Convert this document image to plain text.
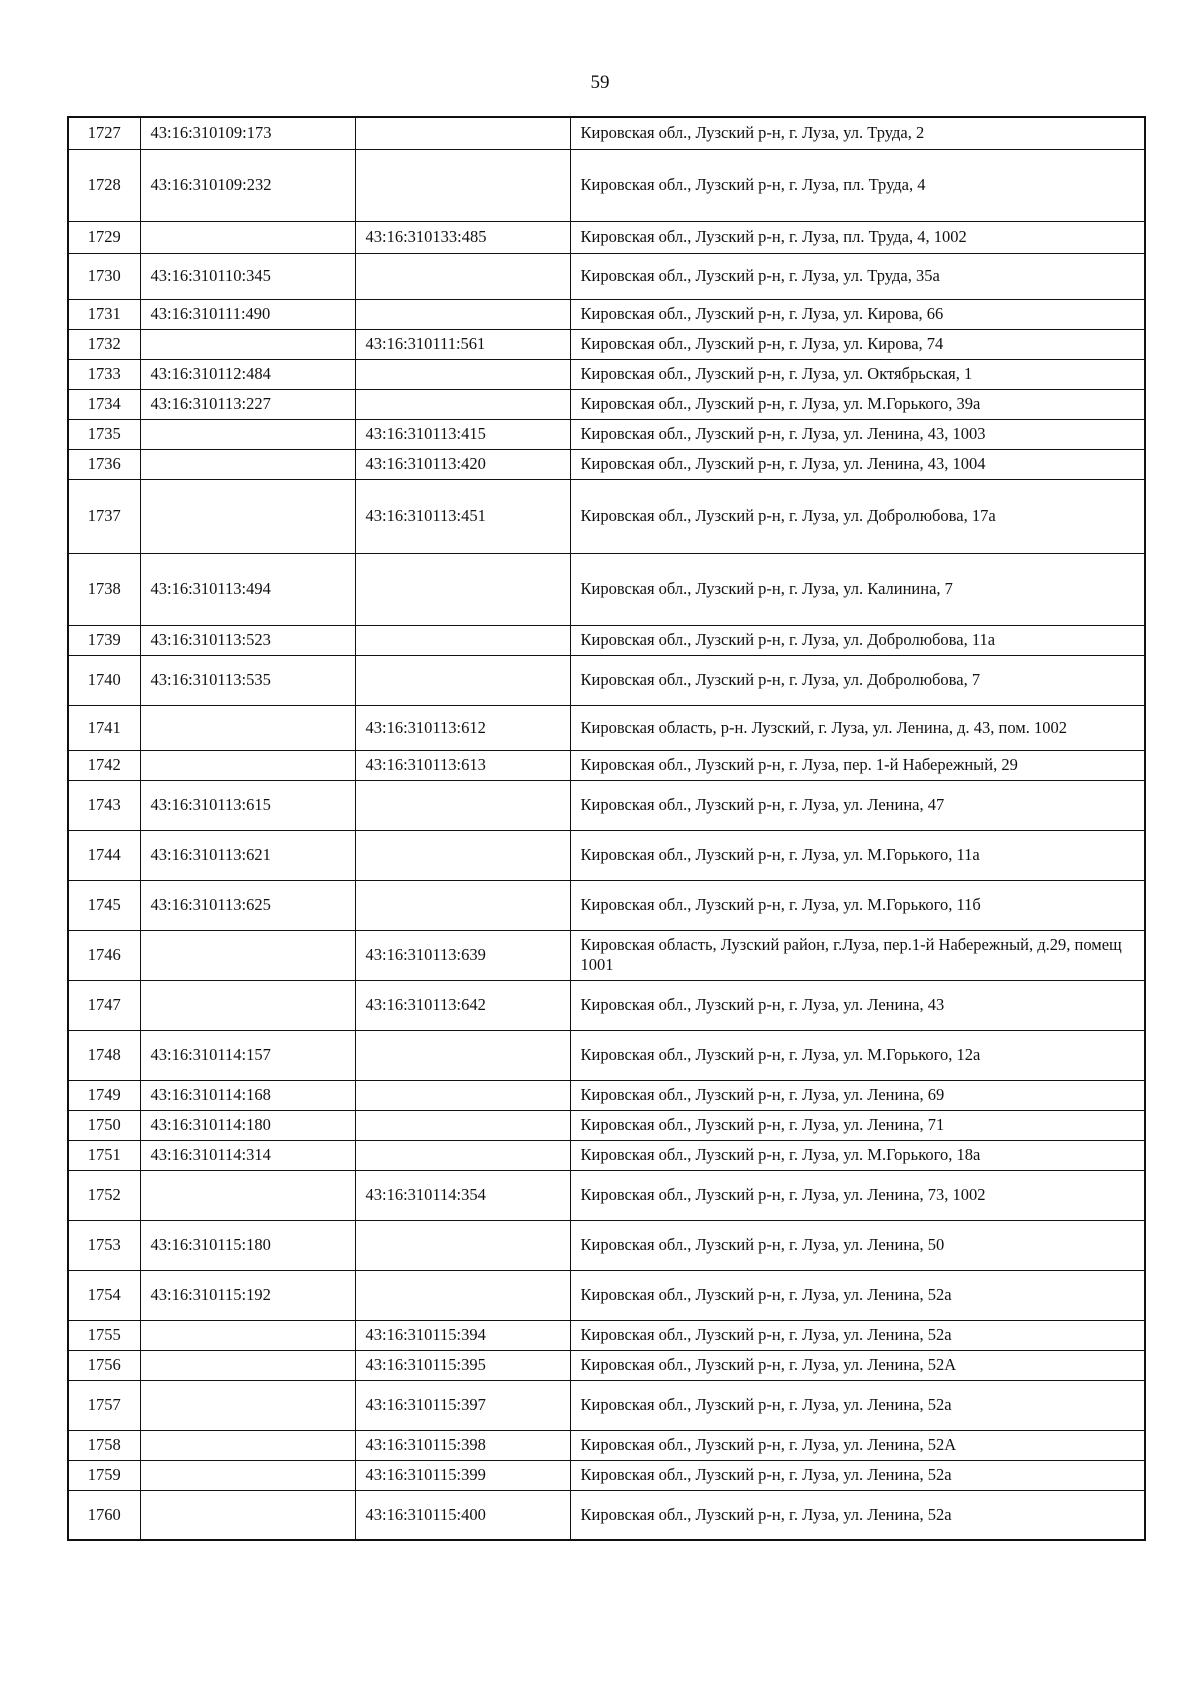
59
1727	43:16:310109:173		Кировская обл., Лузский р-н, г. Луза, ул. Труда, 2
1728	43:16:310109:232		Кировская обл., Лузский р-н, г. Луза, пл. Труда, 4
1729		43:16:310133:485	Кировская обл., Лузский р-н, г. Луза, пл. Труда, 4, 1002
1730	43:16:310110:345		Кировская обл., Лузский р-н, г. Луза, ул. Труда, 35а
1731	43:16:310111:490		Кировская обл., Лузский р-н, г. Луза, ул. Кирова, 66
1732		43:16:310111:561	Кировская обл., Лузский р-н, г. Луза, ул. Кирова, 74
1733	43:16:310112:484		Кировская обл., Лузский р-н, г. Луза, ул. Октябрьская, 1
1734	43:16:310113:227		Кировская обл., Лузский р-н, г. Луза, ул. М.Горького, 39а
1735		43:16:310113:415	Кировская обл., Лузский р-н, г. Луза, ул. Ленина, 43, 1003
1736		43:16:310113:420	Кировская обл., Лузский р-н, г. Луза, ул. Ленина, 43, 1004
1737		43:16:310113:451	Кировская обл., Лузский р-н, г. Луза, ул. Добролюбова, 17а
1738	43:16:310113:494		Кировская обл., Лузский р-н, г. Луза, ул. Калинина, 7
1739	43:16:310113:523		Кировская обл., Лузский р-н, г. Луза, ул. Добролюбова, 11а
1740	43:16:310113:535		Кировская обл., Лузский р-н, г. Луза, ул. Добролюбова, 7
1741		43:16:310113:612	Кировская область, р-н. Лузский, г. Луза, ул. Ленина, д. 43, пом. 1002
1742		43:16:310113:613	Кировская обл., Лузский р-н, г. Луза, пер. 1-й Набережный, 29
1743	43:16:310113:615		Кировская обл., Лузский р-н, г. Луза, ул. Ленина, 47
1744	43:16:310113:621		Кировская обл., Лузский р-н, г. Луза, ул. М.Горького, 11а
1745	43:16:310113:625		Кировская обл., Лузский р-н, г. Луза, ул. М.Горького, 11б
1746		43:16:310113:639	Кировская область, Лузский район, г.Луза, пер.1-й Набережный, д.29, помещ 1001
1747		43:16:310113:642	Кировская обл., Лузский р-н, г. Луза, ул. Ленина, 43
1748	43:16:310114:157		Кировская обл., Лузский р-н, г. Луза, ул. М.Горького, 12а
1749	43:16:310114:168		Кировская обл., Лузский р-н, г. Луза, ул. Ленина, 69
1750	43:16:310114:180		Кировская обл., Лузский р-н, г. Луза, ул. Ленина, 71
1751	43:16:310114:314		Кировская обл., Лузский р-н, г. Луза, ул. М.Горького, 18а
1752		43:16:310114:354	Кировская обл., Лузский р-н, г. Луза, ул. Ленина, 73, 1002
1753	43:16:310115:180		Кировская обл., Лузский р-н, г. Луза, ул. Ленина, 50
1754	43:16:310115:192		Кировская обл., Лузский р-н, г. Луза, ул. Ленина, 52а
1755		43:16:310115:394	Кировская обл., Лузский р-н, г. Луза, ул. Ленина, 52а
1756		43:16:310115:395	Кировская обл., Лузский р-н, г. Луза, ул. Ленина, 52А
1757		43:16:310115:397	Кировская обл., Лузский р-н, г. Луза, ул. Ленина, 52а
1758		43:16:310115:398	Кировская обл., Лузский р-н, г. Луза, ул. Ленина, 52А
1759		43:16:310115:399	Кировская обл., Лузский р-н, г. Луза, ул. Ленина, 52а
1760		43:16:310115:400	Кировская обл., Лузский р-н, г. Луза, ул. Ленина, 52а
